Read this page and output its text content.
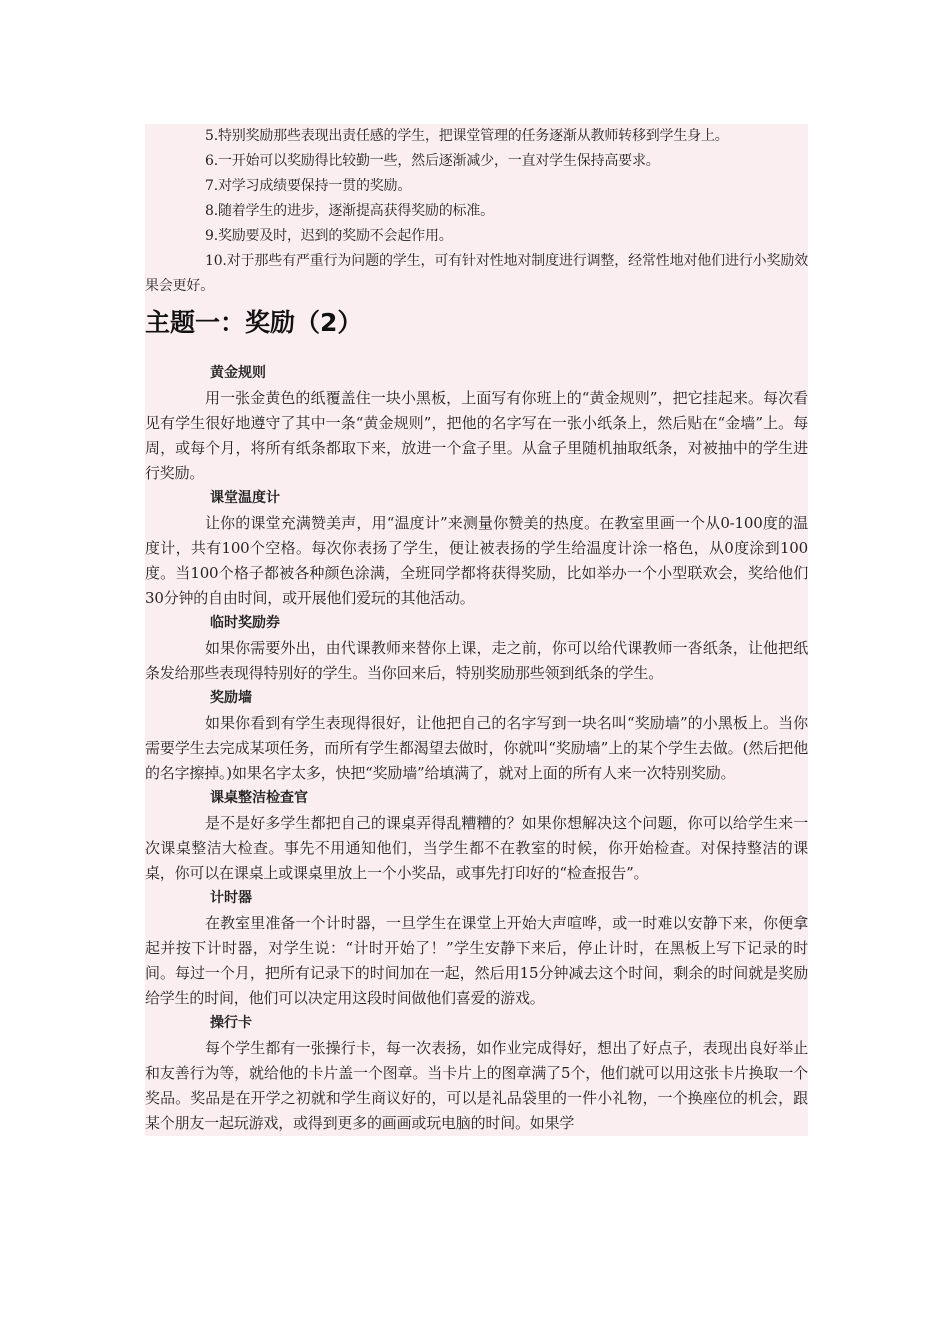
5.特别奖励那些表现出责任感的学生，把课堂管理的任务逐渐从教师转移到学生身上。

6.一开始可以奖励得比较勤一些，然后逐渐减少，一直对学生保持高要求。

7.对学习成绩要保持一贯的奖励。

8.随着学生的进步，逐渐提高获得奖励的标准。

9.奖励要及时，迟到的奖励不会起作用。

10.对于那些有严重行为问题的学生，可有针对性地对制度进行调整，经常性地对他们进行小奖励效果会更好。

主题一：奖励（2）
黄金规则

用一张金黄色的纸覆盖住一块小黑板，上面写有你班上的“黄金规则”，把它挂起来。每次看见有学生很好地遵守了其中一条“黄金规则”，把他的名字写在一张小纸条上，然后贴在“金墙”上。每周，或每个月，将所有纸条都取下来，放进一个盒子里。从盒子里随机抽取纸条，对被抽中的学生进行奖励。

课堂温度计

让你的课堂充满赞美声，用“温度计”来测量你赞美的热度。在教室里画一个从0-100度的温度计，共有100个空格。每次你表扬了学生，便让被表扬的学生给温度计涂一格色，从0度涂到100度。当100个格子都被各种颜色涂满，全班同学都将获得奖励，比如举办一个小型联欢会，奖给他们30分钟的自由时间，或开展他们爱玩的其他活动。

临时奖励券

如果你需要外出，由代课教师来替你上课，走之前，你可以给代课教师一沓纸条，让他把纸条发给那些表现得特别好的学生。当你回来后，特别奖励那些领到纸条的学生。

奖励墙

如果你看到有学生表现得很好，让他把自己的名字写到一块名叫“奖励墙”的小黑板上。当你需要学生去完成某项任务，而所有学生都渴望去做时，你就叫“奖励墙”上的某个学生去做。(然后把他的名字擦掉。)如果名字太多，快把“奖励墙”给填满了，就对上面的所有人来一次特别奖励。

课桌整洁检查官

是不是好多学生都把自己的课桌弄得乱糟糟的？如果你想解决这个问题，你可以给学生来一次课桌整洁大检查。事先不用通知他们，当学生都不在教室的时候，你开始检查。对保持整洁的课桌，你可以在课桌上或课桌里放上一个小奖品，或事先打印好的“检查报告”。

计时器

在教室里准备一个计时器，一旦学生在课堂上开始大声喧哗，或一时难以安静下来，你便拿起并按下计时器，对学生说：“计时开始了！”学生安静下来后，停止计时，在黑板上写下记录的时间。每过一个月，把所有记录下的时间加在一起，然后用15分钟减去这个时间，剩余的时间就是奖励给学生的时间，他们可以决定用这段时间做他们喜爱的游戏。

操行卡

每个学生都有一张操行卡，每一次表扬，如作业完成得好，想出了好点子，表现出良好举止和友善行为等，就给他的卡片盖一个图章。当卡片上的图章满了5个，他们就可以用这张卡片换取一个奖品。奖品是在开学之初就和学生商议好的，可以是礼品袋里的一件小礼物，一个换座位的机会，跟某个朋友一起玩游戏，或得到更多的画画或玩电脑的时间。如果学
